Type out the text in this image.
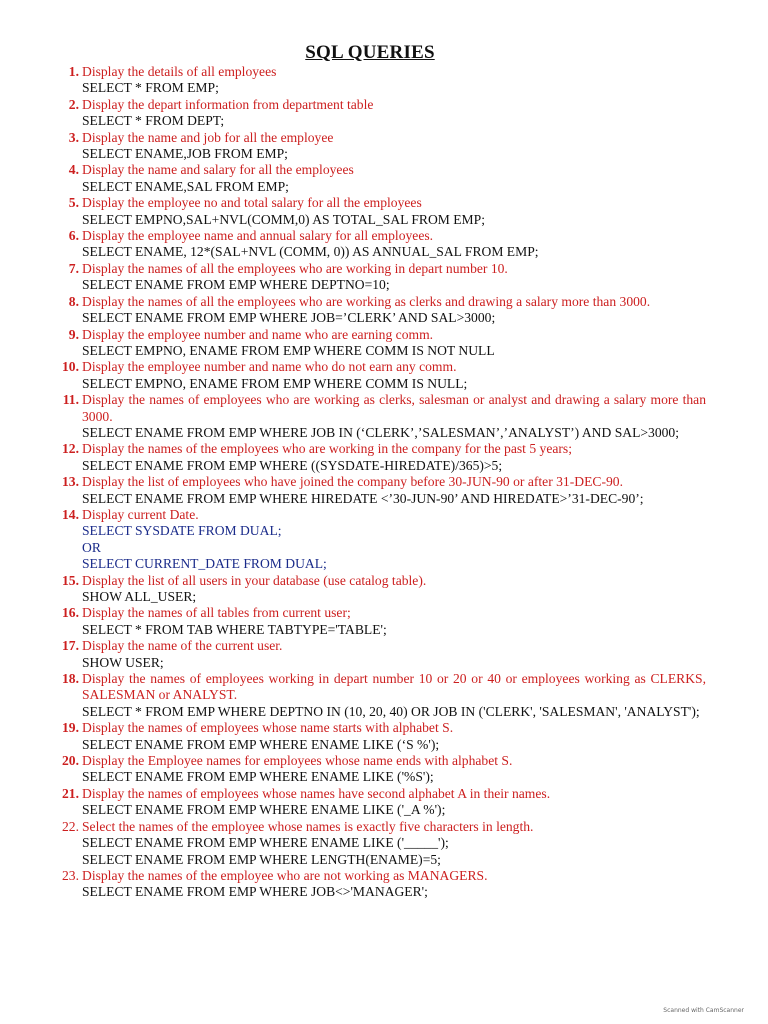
SQL QUERIES
1. Display the details of all employees
SELECT * FROM EMP;
2. Display the depart information from department table
SELECT * FROM DEPT;
3. Display the name and job for all the employee
SELECT ENAME,JOB FROM EMP;
4. Display the name and salary for all the employees
SELECT ENAME,SAL FROM EMP;
5. Display the employee no and total salary for all the employees
SELECT EMPNO,SAL+NVL(COMM,0) AS TOTAL_SAL FROM EMP;
6. Display the employee name and annual salary for all employees.
SELECT ENAME, 12*(SAL+NVL (COMM, 0)) AS ANNUAL_SAL FROM EMP;
7. Display the names of all the employees who are working in depart number 10.
SELECT ENAME FROM EMP WHERE DEPTNO=10;
8. Display the names of all the employees who are working as clerks and drawing a salary more than 3000.
SELECT ENAME FROM EMP WHERE JOB=’CLERK’ AND SAL>3000;
9. Display the employee number and name who are earning comm.
SELECT EMPNO, ENAME FROM EMP WHERE COMM IS NOT NULL
10. Display the employee number and name who do not earn any comm.
SELECT EMPNO, ENAME FROM EMP WHERE COMM IS NULL;
11. Display the names of employees who are working as clerks, salesman or analyst and drawing a salary more than 3000.
SELECT ENAME FROM EMP WHERE JOB IN (‘CLERK’,’SALESMAN’,’ANALYST’) AND SAL>3000;
12. Display the names of the employees who are working in the company for the past 5 years;
SELECT ENAME FROM EMP WHERE ((SYSDATE-HIREDATE)/365)>5;
13. Display the list of employees who have joined the company before 30-JUN-90 or after 31-DEC-90.
SELECT ENAME FROM EMP WHERE HIREDATE <’30-JUN-90’ AND HIREDATE>’31-DEC-90’;
14. Display current Date.
SELECT SYSDATE FROM DUAL;
OR
SELECT CURRENT_DATE FROM DUAL;
15. Display the list of all users in your database (use catalog table).
SHOW ALL_USER;
16. Display the names of all tables from current user;
SELECT * FROM TAB WHERE TABTYPE='TABLE';
17. Display the name of the current user.
SHOW USER;
18. Display the names of employees working in depart number 10 or 20 or 40 or employees working as CLERKS, SALESMAN or ANALYST.
SELECT * FROM EMP WHERE DEPTNO IN (10, 20, 40) OR JOB IN ('CLERK', 'SALESMAN', 'ANALYST');
19. Display the names of employees whose name starts with alphabet S.
SELECT ENAME FROM EMP WHERE ENAME LIKE (‘S %');
20. Display the Employee names for employees whose name ends with alphabet S.
SELECT ENAME FROM EMP WHERE ENAME LIKE ('%S');
21. Display the names of employees whose names have second alphabet A in their names.
SELECT ENAME FROM EMP WHERE ENAME LIKE ('_A %');
22. Select the names of the employee whose names is exactly five characters in length.
SELECT ENAME FROM EMP WHERE ENAME LIKE ('_____');
SELECT ENAME FROM EMP WHERE LENGTH(ENAME)=5;
23. Display the names of the employee who are not working as MANAGERS.
SELECT ENAME FROM EMP WHERE JOB<>'MANAGER';
Scanned with CamScanner
